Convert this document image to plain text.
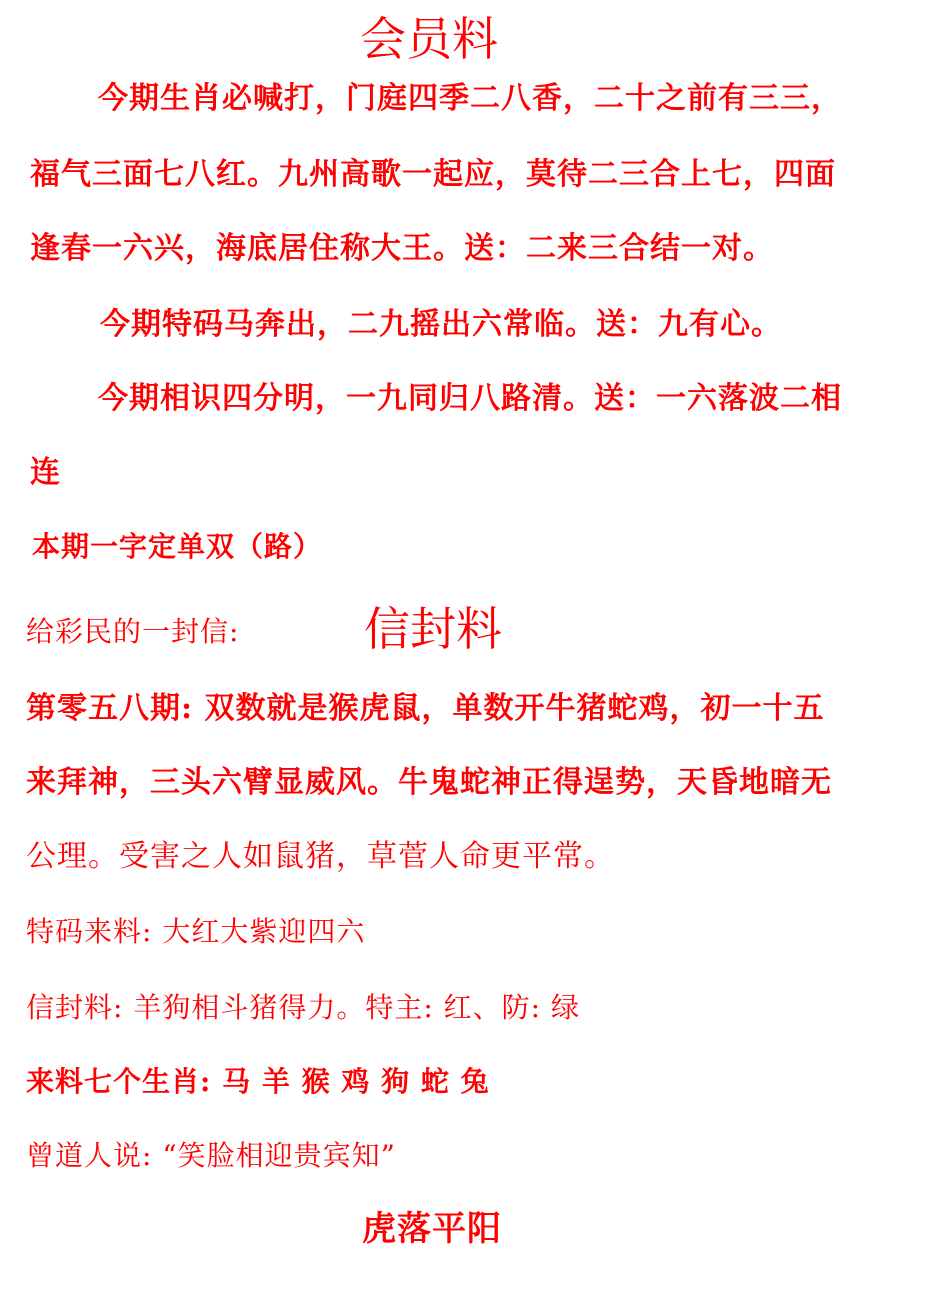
会员料
今期生肖必喊打，门庭四季二八香，二十之前有三三，
福气三面七八红。九州高歌一起应，莫待二三合上七，四面
逢春一六兴，海底居住称大王。送：二来三合结一对。
今期特码马奔出，二九摇出六常临。送：九有心。
今期相识四分明，一九同归八路清。送：一六落波二相
连
本期一字定单双（路）
给彩民的一封信:	信封料
第零五八期: 双数就是猴虎鼠，单数开牛猪蛇鸡，初一十五
来拜神，三头六臂显威风。牛鬼蛇神正得逞势，天昏地暗无
公理。受害之人如鼠猪，草菅人命更平常。
特码来料: 大红大紫迎四六
信封料: 羊狗相斗猪得力。特主: 红、防: 绿
来料七个生肖: 马 羊 猴 鸡 狗 蛇 兔
曾道人说: “笑脸相迎贵宾知”
虎落平阳
